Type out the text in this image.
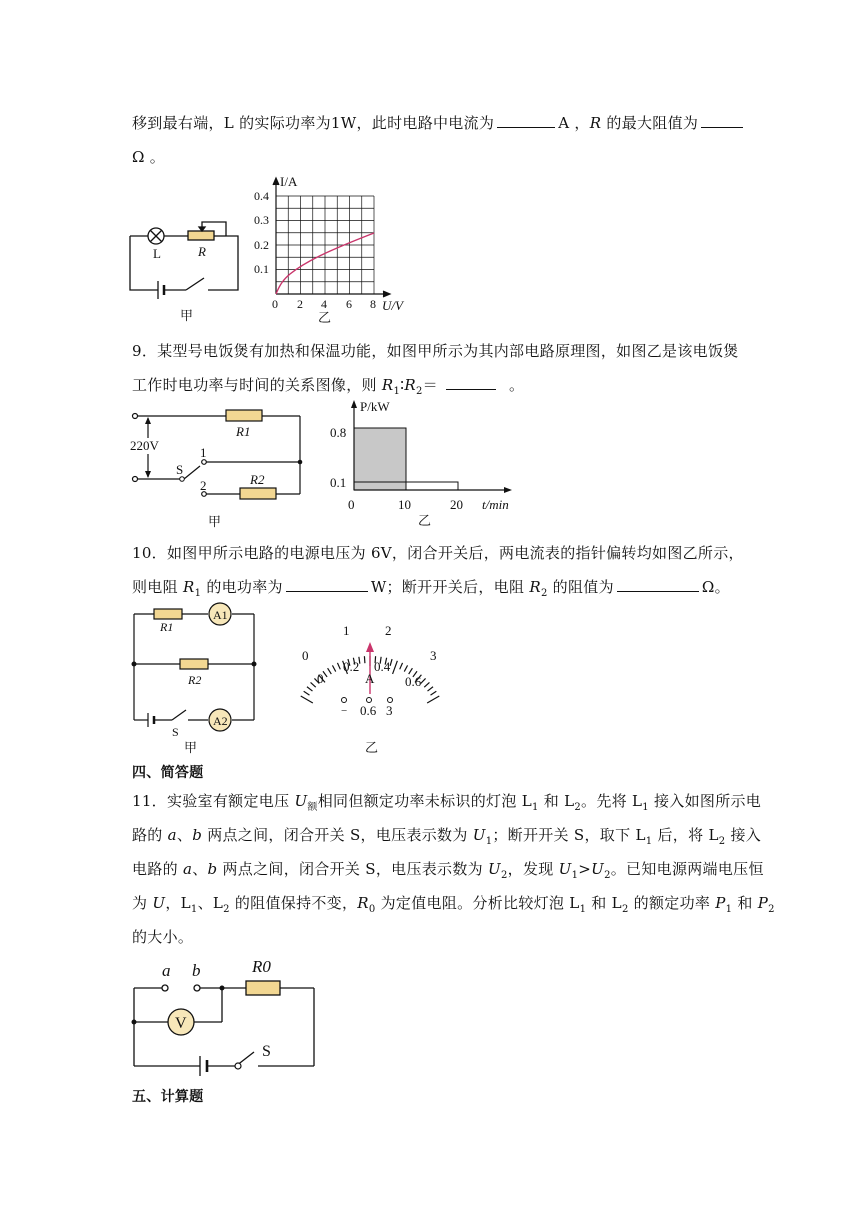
移到最右端，L 的实际功率为1W，此时电路中电流为	A ，R 的最大阻值为
Ω 。
L	R
甲
I/A
0.4
0.3
0.2
0.1
0 2 4 6 8 U/V
乙
9．某型号电饭煲有加热和保温功能，如图甲所示为其内部电路原理图，如图乙是该电饭煲
工作时电功率与时间的关系图像，则 $R_1∶R_2=$	。
220V
R1
R2
S
1
2
甲
P/kW
0.8
0.1
0	10	20 t/min
乙
10．如图甲所示电路的电源电压为 6V，闭合开关后，两电流表的指针偏转均如图乙所示，
则电阻 $R_1$ 的电功率为	W；断开开关后，电阻 $R_2$ 的阻值为	Ω。
R1
R2
A1
A2
S
甲
0
1	2
3
0
0.2 0.4
0.6
A
− 0.6 3
乙
四、简答题
11．实验室有额定电压 $U_额$相同但额定功率未标识的灯泡 $L_1$ 和 $L_2$。先将 $L_1$ 接入如图所示电
路的 a、b 两点之间，闭合开关 S，电压表示数为 $U_1$；断开开关 S，取下 $L_1$ 后，将 $L_2$ 接入
电路的 a、b 两点之间，闭合开关 S，电压表示数为 $U_2$，发现 $U_1>U_2$。已知电源两端电压恒
为 U，$L_1$、$L_2$ 的阻值保持不变，$R_0$ 为定值电阻。分析比较灯泡 $L_1$ 和 $L_2$ 的额定功率 $P_1$ 和 $P_2$
的大小。
a b	R0
V
S
五、计算题
